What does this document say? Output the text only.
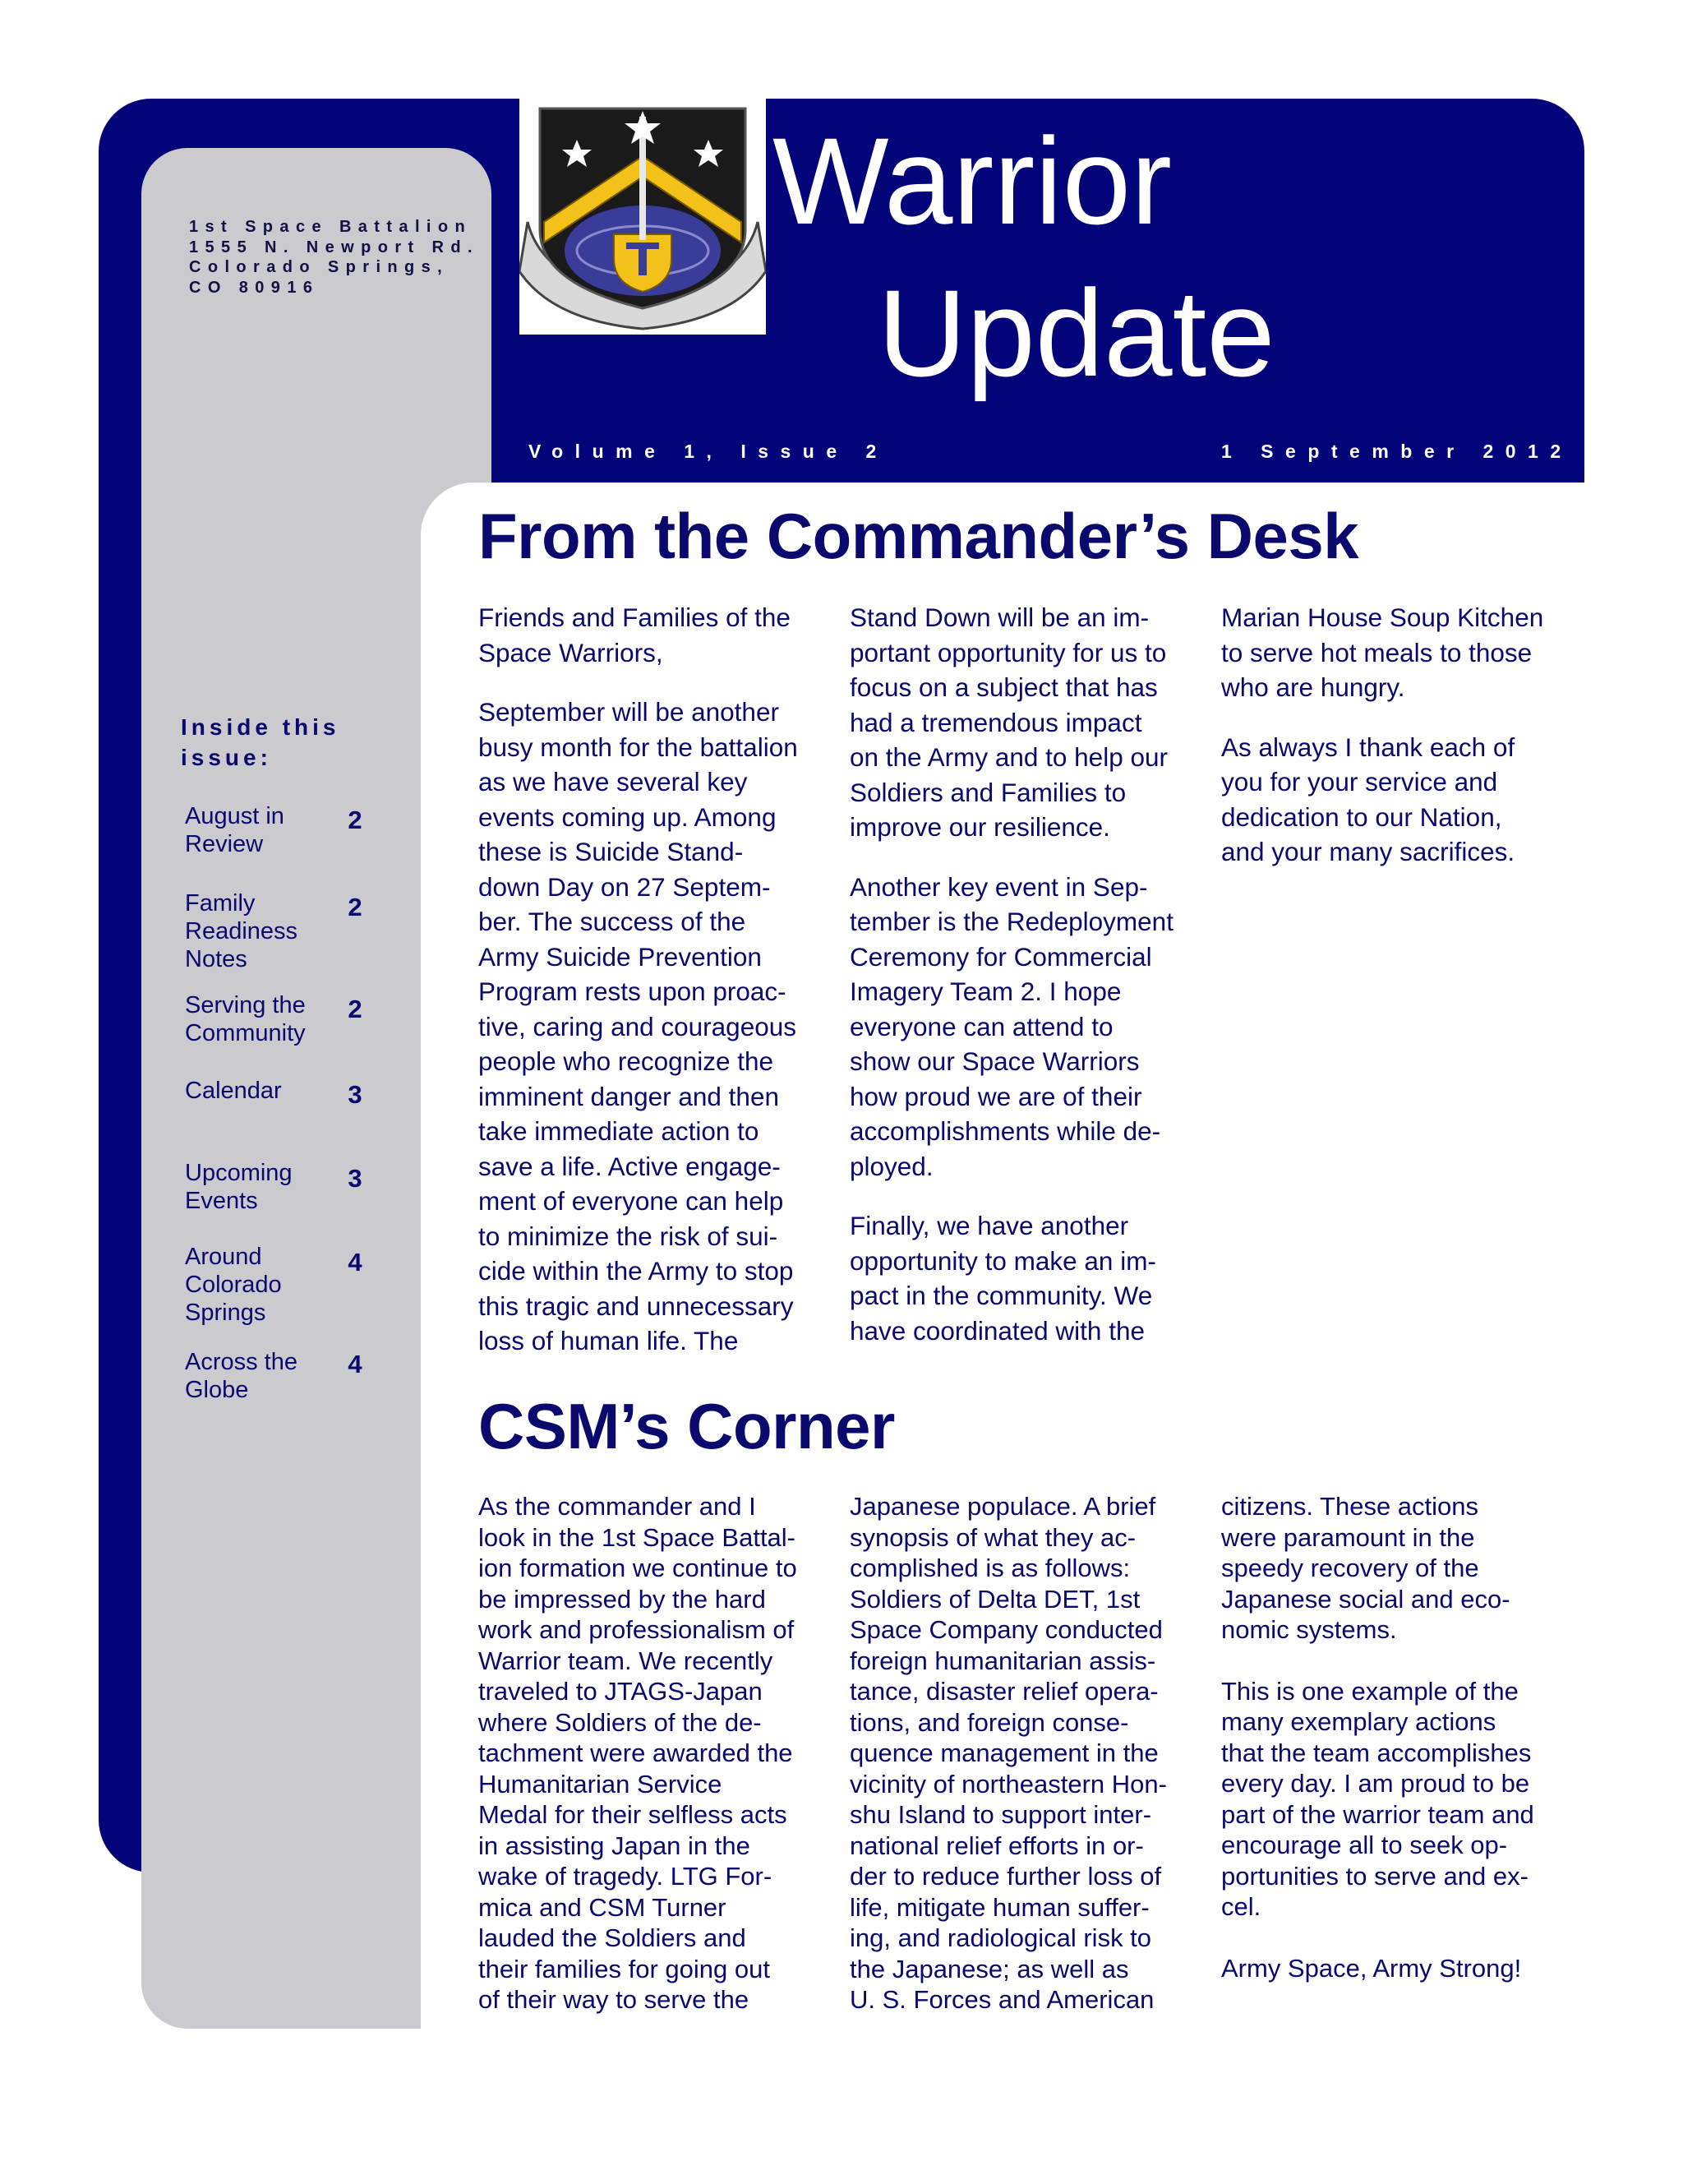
1st Space Battalion
1555 N. Newport Rd.
Colorado Springs,
CO 80916
Warrior
Update
Volume 1, Issue 2	1 September 2012
Inside this
issue:
August in
Review
2
Family
Readiness
Notes
2
Serving the
Community
2
Calendar	3
Upcoming
Events
3
Around
Colorado
Springs
4
Across the
Globe
4
From the Commander’s Desk

Friends and Families of the
Space Warriors,

September will be another
busy month for the battalion
as we have several key
events coming up. Among
these is Suicide Stand-
down Day on 27 Septem-
ber. The success of the
Army Suicide Prevention
Program rests upon proac-
tive, caring and courageous
people who recognize the
imminent danger and then
take immediate action to
save a life. Active engage-
ment of everyone can help
to minimize the risk of sui-
cide within the Army to stop
this tragic and unnecessary
loss of human life. The

Stand Down will be an im-
portant opportunity for us to
focus on a subject that has
had a tremendous impact
on the Army and to help our
Soldiers and Families to
improve our resilience.

Another key event in Sep-
tember is the Redeployment
Ceremony for Commercial
Imagery Team 2. I hope
everyone can attend to
show our Space Warriors
how proud we are of their
accomplishments while de-
ployed.

Finally, we have another
opportunity to make an im-
pact in the community. We
have coordinated with the

Marian House Soup Kitchen
to serve hot meals to those
who are hungry.

As always I thank each of
you for your service and
dedication to our Nation,
and your many sacrifices.

CSM’s Corner

As the commander and I
look in the 1st Space Battal-
ion formation we continue to
be impressed by the hard
work and professionalism of
Warrior team. We recently
traveled to JTAGS-Japan
where Soldiers of the de-
tachment were awarded the
Humanitarian Service
Medal for their selfless acts
in assisting Japan in the
wake of tragedy. LTG For-
mica and CSM Turner
lauded the Soldiers and
their families for going out
of their way to serve the

Japanese populace. A brief
synopsis of what they ac-
complished is as follows:
Soldiers of Delta DET, 1st
Space Company conducted
foreign humanitarian assis-
tance, disaster relief opera-
tions, and foreign conse-
quence management in the
vicinity of northeastern Hon-
shu Island to support inter-
national relief efforts in or-
der to reduce further loss of
life, mitigate human suffer-
ing, and radiological risk to
the Japanese; as well as
U. S. Forces and American

citizens. These actions
were paramount in the
speedy recovery of the
Japanese social and eco-
nomic systems.

This is one example of the
many exemplary actions
that the team accomplishes
every day. I am proud to be
part of the warrior team and
encourage all to seek op-
portunities to serve and ex-
cel.

Army Space, Army Strong!
